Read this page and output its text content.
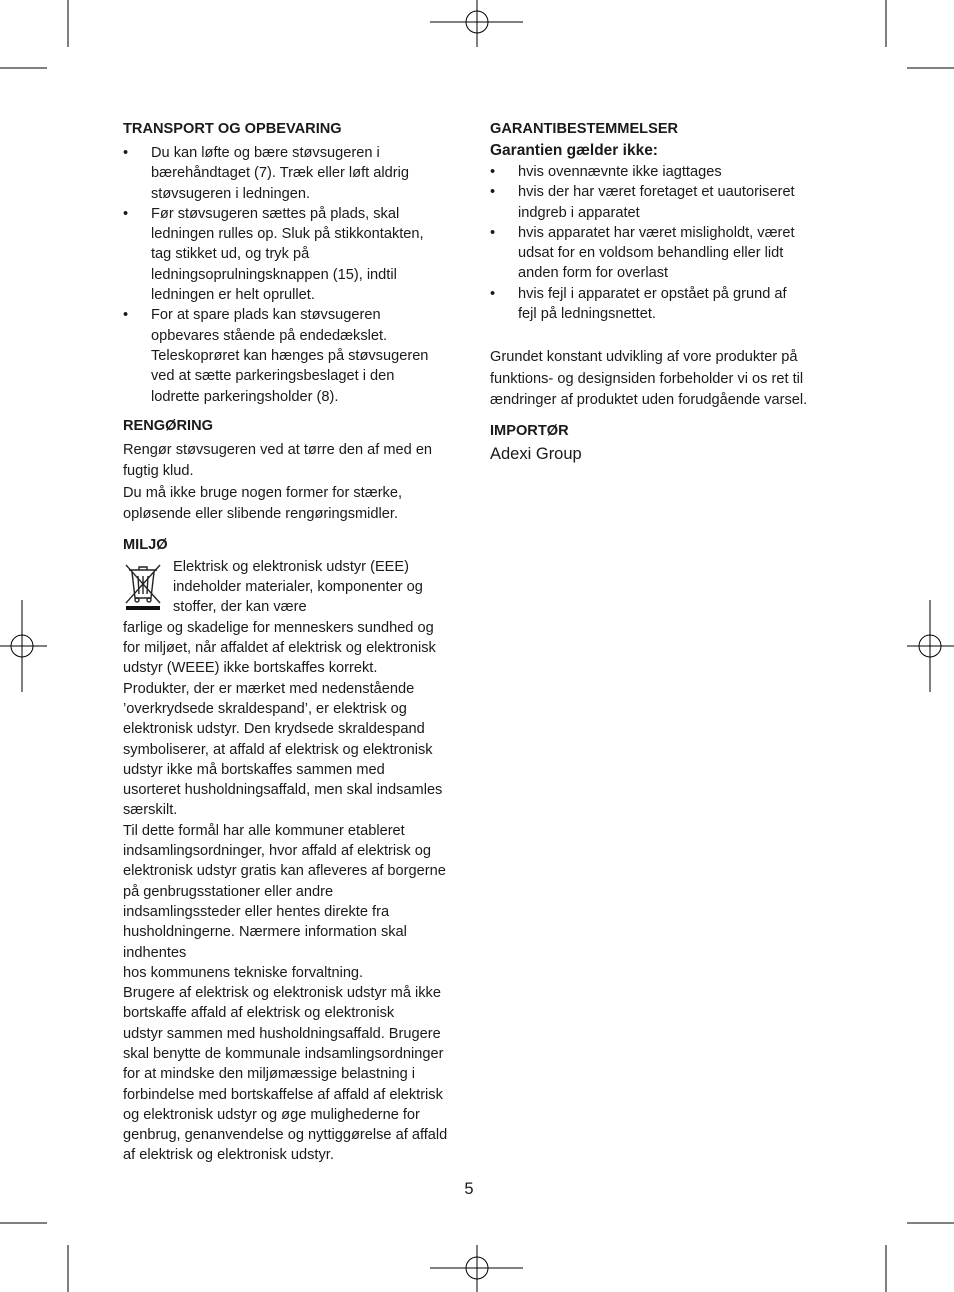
TRANSPORT OG OPBEVARING
• Du kan løfte og bære støvsugeren i
bærehåndtaget (7). Træk eller løft aldrig
støvsugeren i ledningen.
• Før støvsugeren sættes på plads, skal
ledningen rulles op. Sluk på stikkontakten,
tag stikket ud, og tryk på
ledningsoprulningsknappen (15), indtil
ledningen er helt oprullet.
• For at spare plads kan støvsugeren
opbevares stående på endedækslet.
Teleskoprøret kan hænges på støvsugeren
ved at sætte parkeringsbeslaget i den
lodrette parkeringsholder (8).
RENGØRING

Rengør støvsugeren ved at tørre den af med en

fugtig klud.

Du må ikke bruge nogen former for stærke,

opløsende eller slibende rengøringsmidler.

MILJØ

Elektrisk og elektronisk udstyr (EEE)

indeholder materialer, komponenter og

stoffer, der kan være

farlige og skadelige for menneskers sundhed og

for miljøet, når affaldet af elektrisk og elektronisk

udstyr (WEEE) ikke bortskaffes korrekt.

Produkter, der er mærket med nedenstående

’overkrydsede skraldespand’, er elektrisk og

elektronisk udstyr. Den krydsede skraldespand

symboliserer, at affald af elektrisk og elektronisk

udstyr ikke må bortskaffes sammen med

usorteret husholdningsaffald, men skal indsamles

særskilt.

Til dette formål har alle kommuner etableret

indsamlingsordninger, hvor affald af elektrisk og

elektronisk udstyr gratis kan afleveres af borgerne

på genbrugsstationer eller andre

indsamlingssteder eller hentes direkte fra

husholdningerne. Nærmere information skal

indhentes

hos kommunens tekniske forvaltning.

Brugere af elektrisk og elektronisk udstyr må ikke

bortskaffe affald af elektrisk og elektronisk

udstyr sammen med husholdningsaffald. Brugere

skal benytte de kommunale indsamlingsordninger

for at mindske den miljømæssige belastning i

forbindelse med bortskaffelse af affald af elektrisk

og elektronisk udstyr og øge mulighederne for

genbrug, genanvendelse og nyttiggørelse af affald

af elektrisk og elektronisk udstyr.

GARANTIBESTEMMELSER
Garantien gælder ikke:
• hvis ovennævnte ikke iagttages
• hvis der har været foretaget et uautoriseret
indgreb i apparatet
• hvis apparatet har været misligholdt, været
udsat for en voldsom behandling eller lidt
anden form for overlast
• hvis fejl i apparatet er opstået på grund af
fejl på ledningsnettet.

Grundet konstant udvikling af vore produkter på

funktions- og designsiden forbeholder vi os ret til

ændringer af produktet uden forudgående varsel.

IMPORTØR

Adexi Group

5
